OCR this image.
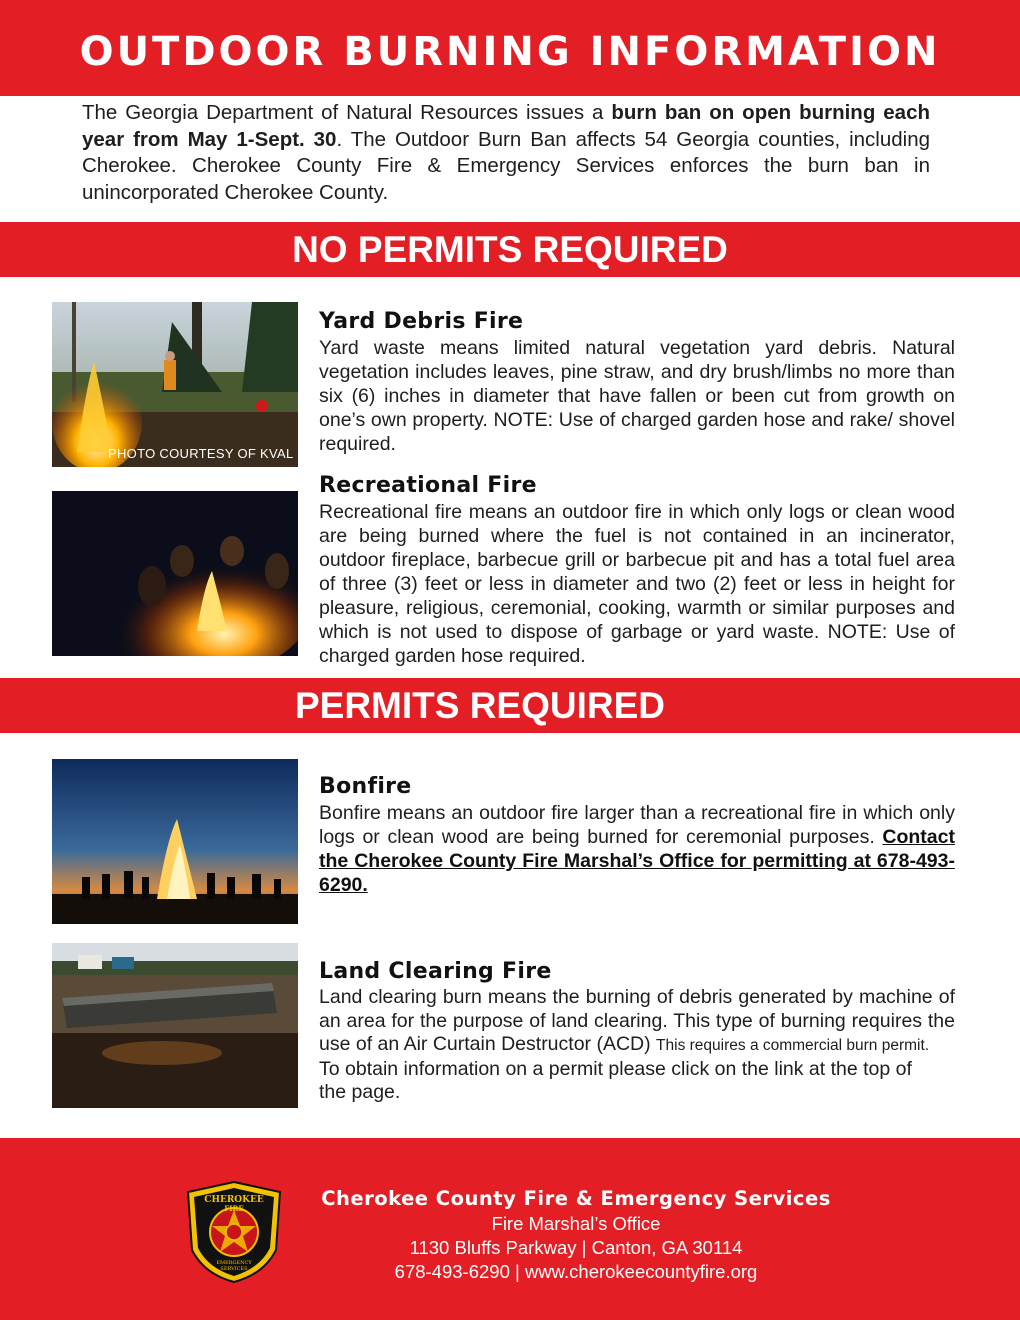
OUTDOOR BURNING INFORMATION
The Georgia Department of Natural Resources issues a burn ban on open burning each year from May 1-Sept. 30. The Outdoor Burn Ban affects 54 Georgia counties, including Cherokee. Cherokee County Fire & Emergency Services enforces the burn ban in unincorporated Cherokee County.
NO PERMITS REQUIRED
PHOTO COURTESY OF KVAL
Yard Debris Fire

Yard waste means limited natural vegetation yard debris. Natural vegetation includes leaves, pine straw, and dry brush/limbs no more than six (6) inches in diameter that have fallen or been cut from growth on one’s own property. NOTE: Use of charged garden hose and rake/ shovel required.

Recreational Fire

Recreational fire means an outdoor fire in which only logs or clean wood are being burned where the fuel is not contained in an incinerator, outdoor fireplace, barbecue grill or barbecue pit and has a total fuel area of three (3) feet or less in diameter and two (2) feet or less in height for pleasure, religious, ceremonial, cooking, warmth or similar purposes and which is not used to dispose of garbage or yard waste. NOTE: Use of charged garden hose required.

PERMITS REQUIRED
Bonfire

Bonfire means an outdoor fire larger than a recreational fire in which only logs or clean wood are being burned for ceremonial purposes. Contact the Cherokee County Fire Marshal’s Office for permitting at 678-493-6290.

Land Clearing Fire

Land clearing burn means the burning of debris generated by machine of an area for the purpose of land clearing. This type of burning requires the use of an Air Curtain Destructor (ACD) This requires a commercial burn permit.

To obtain information on a permit please click on the link at the top of the page.

CHEROKEE
FIRE
EMERGENCY
SERVICES
Cherokee County Fire & Emergency Services
Fire Marshal’s Office
1130 Bluffs Parkway | Canton, GA 30114
678-493-6290 | www.cherokeecountyfire.org
